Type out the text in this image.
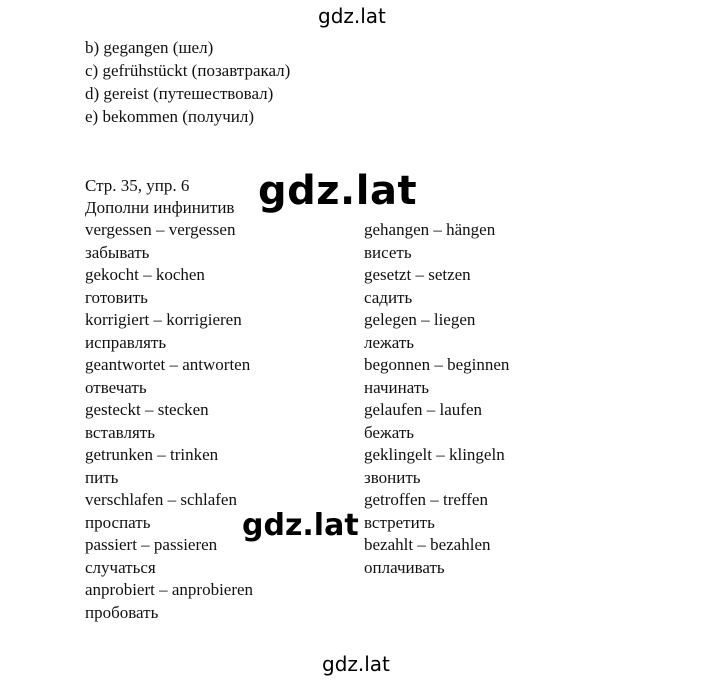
gdz.lat
b) gegangen (шел)
c) gefrühstückt (позавтракал)
d) gereist (путешествовал)
e) bekommen (получил)
Стр. 35, упр. 6
Дополни инфинитив
vergessen – vergessen
забывать
gekocht – kochen
готовить
korrigiert – korrigieren
исправлять
geantwortet – antworten
отвечать
gesteckt – stecken
вставлять
getrunken – trinken
пить
verschlafen – schlafen
проспать
passiert – passieren
случаться
anprobiert – anprobieren
пробовать
gehangen – hängen
висеть
gesetzt – setzen
садить
gelegen – liegen
лежать
begonnen – beginnen
начинать
gelaufen – laufen
бежать
geklingelt – klingeln
звонить
getroffen – treffen
встретить
bezahlt – bezahlen
оплачивать
gdz.lat
gdz.lat
gdz.lat
